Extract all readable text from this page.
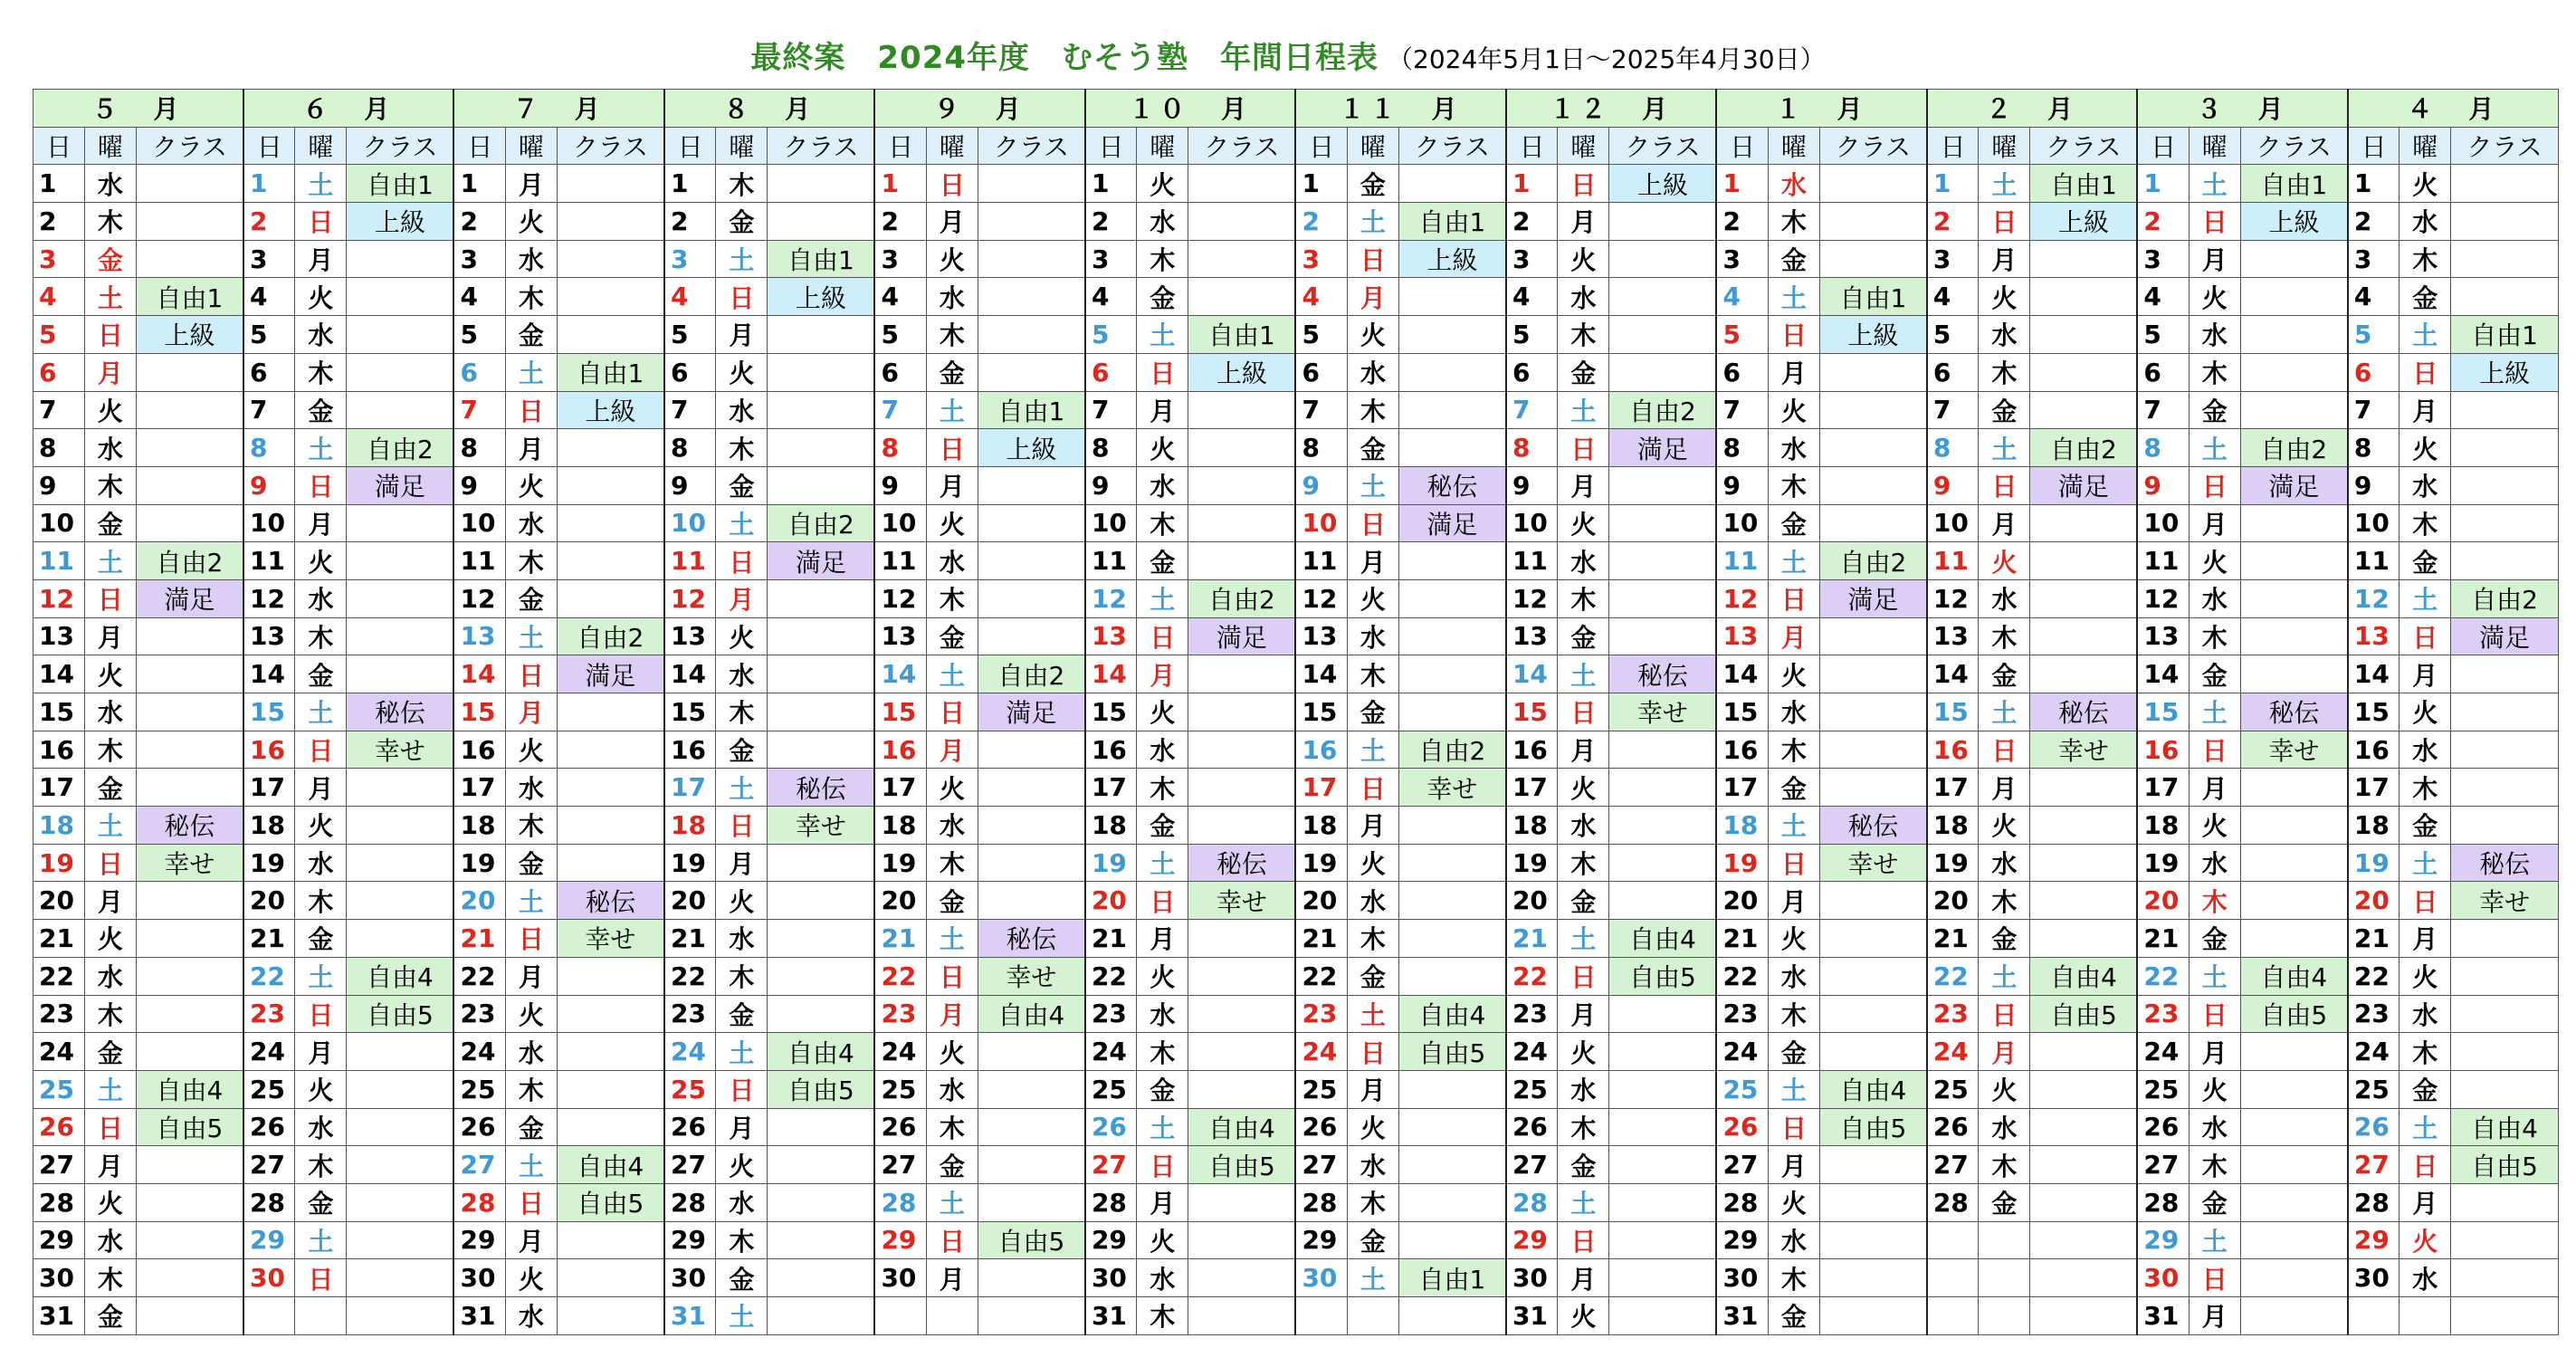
最終案　2024年度　むそう塾　年間日程表 （2024年5月1日～2025年4月30日）
５　月			６　月			７　月			８　月			９　月			１０　月			１１　月			１２　月			１　月			２　月			３　月			４　月		
日	曜	クラス	日	曜	クラス	日	曜	クラス	日	曜	クラス	日	曜	クラス	日	曜	クラス	日	曜	クラス	日	曜	クラス	日	曜	クラス	日	曜	クラス	日	曜	クラス	日	曜	クラス
1	水		1	土	自由1	1	月		1	木		1	日		1	火		1	金		1	日	上級	1	水		1	土	自由1	1	土	自由1	1	火	
2	木		2	日	上級	2	火		2	金		2	月		2	水		2	土	自由1	2	月		2	木		2	日	上級	2	日	上級	2	水	
3	金		3	月		3	水		3	土	自由1	3	火		3	木		3	日	上級	3	火		3	金		3	月		3	月		3	木	
4	土	自由1	4	火		4	木		4	日	上級	4	水		4	金		4	月		4	水		4	土	自由1	4	火		4	火		4	金	
5	日	上級	5	水		5	金		5	月		5	木		5	土	自由1	5	火		5	木		5	日	上級	5	水		5	水		5	土	自由1
6	月		6	木		6	土	自由1	6	火		6	金		6	日	上級	6	水		6	金		6	月		6	木		6	木		6	日	上級
7	火		7	金		7	日	上級	7	水		7	土	自由1	7	月		7	木		7	土	自由2	7	火		7	金		7	金		7	月	
8	水		8	土	自由2	8	月		8	木		8	日	上級	8	火		8	金		8	日	満足	8	水		8	土	自由2	8	土	自由2	8	火	
9	木		9	日	満足	9	火		9	金		9	月		9	水		9	土	秘伝	9	月		9	木		9	日	満足	9	日	満足	9	水	
10	金		10	月		10	水		10	土	自由2	10	火		10	木		10	日	満足	10	火		10	金		10	月		10	月		10	木	
11	土	自由2	11	火		11	木		11	日	満足	11	水		11	金		11	月		11	水		11	土	自由2	11	火		11	火		11	金	
12	日	満足	12	水		12	金		12	月		12	木		12	土	自由2	12	火		12	木		12	日	満足	12	水		12	水		12	土	自由2
13	月		13	木		13	土	自由2	13	火		13	金		13	日	満足	13	水		13	金		13	月		13	木		13	木		13	日	満足
14	火		14	金		14	日	満足	14	水		14	土	自由2	14	月		14	木		14	土	秘伝	14	火		14	金		14	金		14	月	
15	水		15	土	秘伝	15	月		15	木		15	日	満足	15	火		15	金		15	日	幸せ	15	水		15	土	秘伝	15	土	秘伝	15	火	
16	木		16	日	幸せ	16	火		16	金		16	月		16	水		16	土	自由2	16	月		16	木		16	日	幸せ	16	日	幸せ	16	水	
17	金		17	月		17	水		17	土	秘伝	17	火		17	木		17	日	幸せ	17	火		17	金		17	月		17	月		17	木	
18	土	秘伝	18	火		18	木		18	日	幸せ	18	水		18	金		18	月		18	水		18	土	秘伝	18	火		18	火		18	金	
19	日	幸せ	19	水		19	金		19	月		19	木		19	土	秘伝	19	火		19	木		19	日	幸せ	19	水		19	水		19	土	秘伝
20	月		20	木		20	土	秘伝	20	火		20	金		20	日	幸せ	20	水		20	金		20	月		20	木		20	木		20	日	幸せ
21	火		21	金		21	日	幸せ	21	水		21	土	秘伝	21	月		21	木		21	土	自由4	21	火		21	金		21	金		21	月	
22	水		22	土	自由4	22	月		22	木		22	日	幸せ	22	火		22	金		22	日	自由5	22	水		22	土	自由4	22	土	自由4	22	火	
23	木		23	日	自由5	23	火		23	金		23	月	自由4	23	水		23	土	自由4	23	月		23	木		23	日	自由5	23	日	自由5	23	水	
24	金		24	月		24	水		24	土	自由4	24	火		24	木		24	日	自由5	24	火		24	金		24	月		24	月		24	木	
25	土	自由4	25	火		25	木		25	日	自由5	25	水		25	金		25	月		25	水		25	土	自由4	25	火		25	火		25	金	
26	日	自由5	26	水		26	金		26	月		26	木		26	土	自由4	26	火		26	木		26	日	自由5	26	水		26	水		26	土	自由4
27	月		27	木		27	土	自由4	27	火		27	金		27	日	自由5	27	水		27	金		27	月		27	木		27	木		27	日	自由5
28	火		28	金		28	日	自由5	28	水		28	土		28	月		28	木		28	土		28	火		28	金		28	金		28	月	
29	水		29	土		29	月		29	木		29	日	自由5	29	火		29	金		29	日		29	水					29	土		29	火	
30	木		30	日		30	火		30	金		30	月		30	水		30	土	自由1	30	月		30	木					30	日		30	水	
31	金					31	水		31	土					31	木					31	火		31	金					31	月				
